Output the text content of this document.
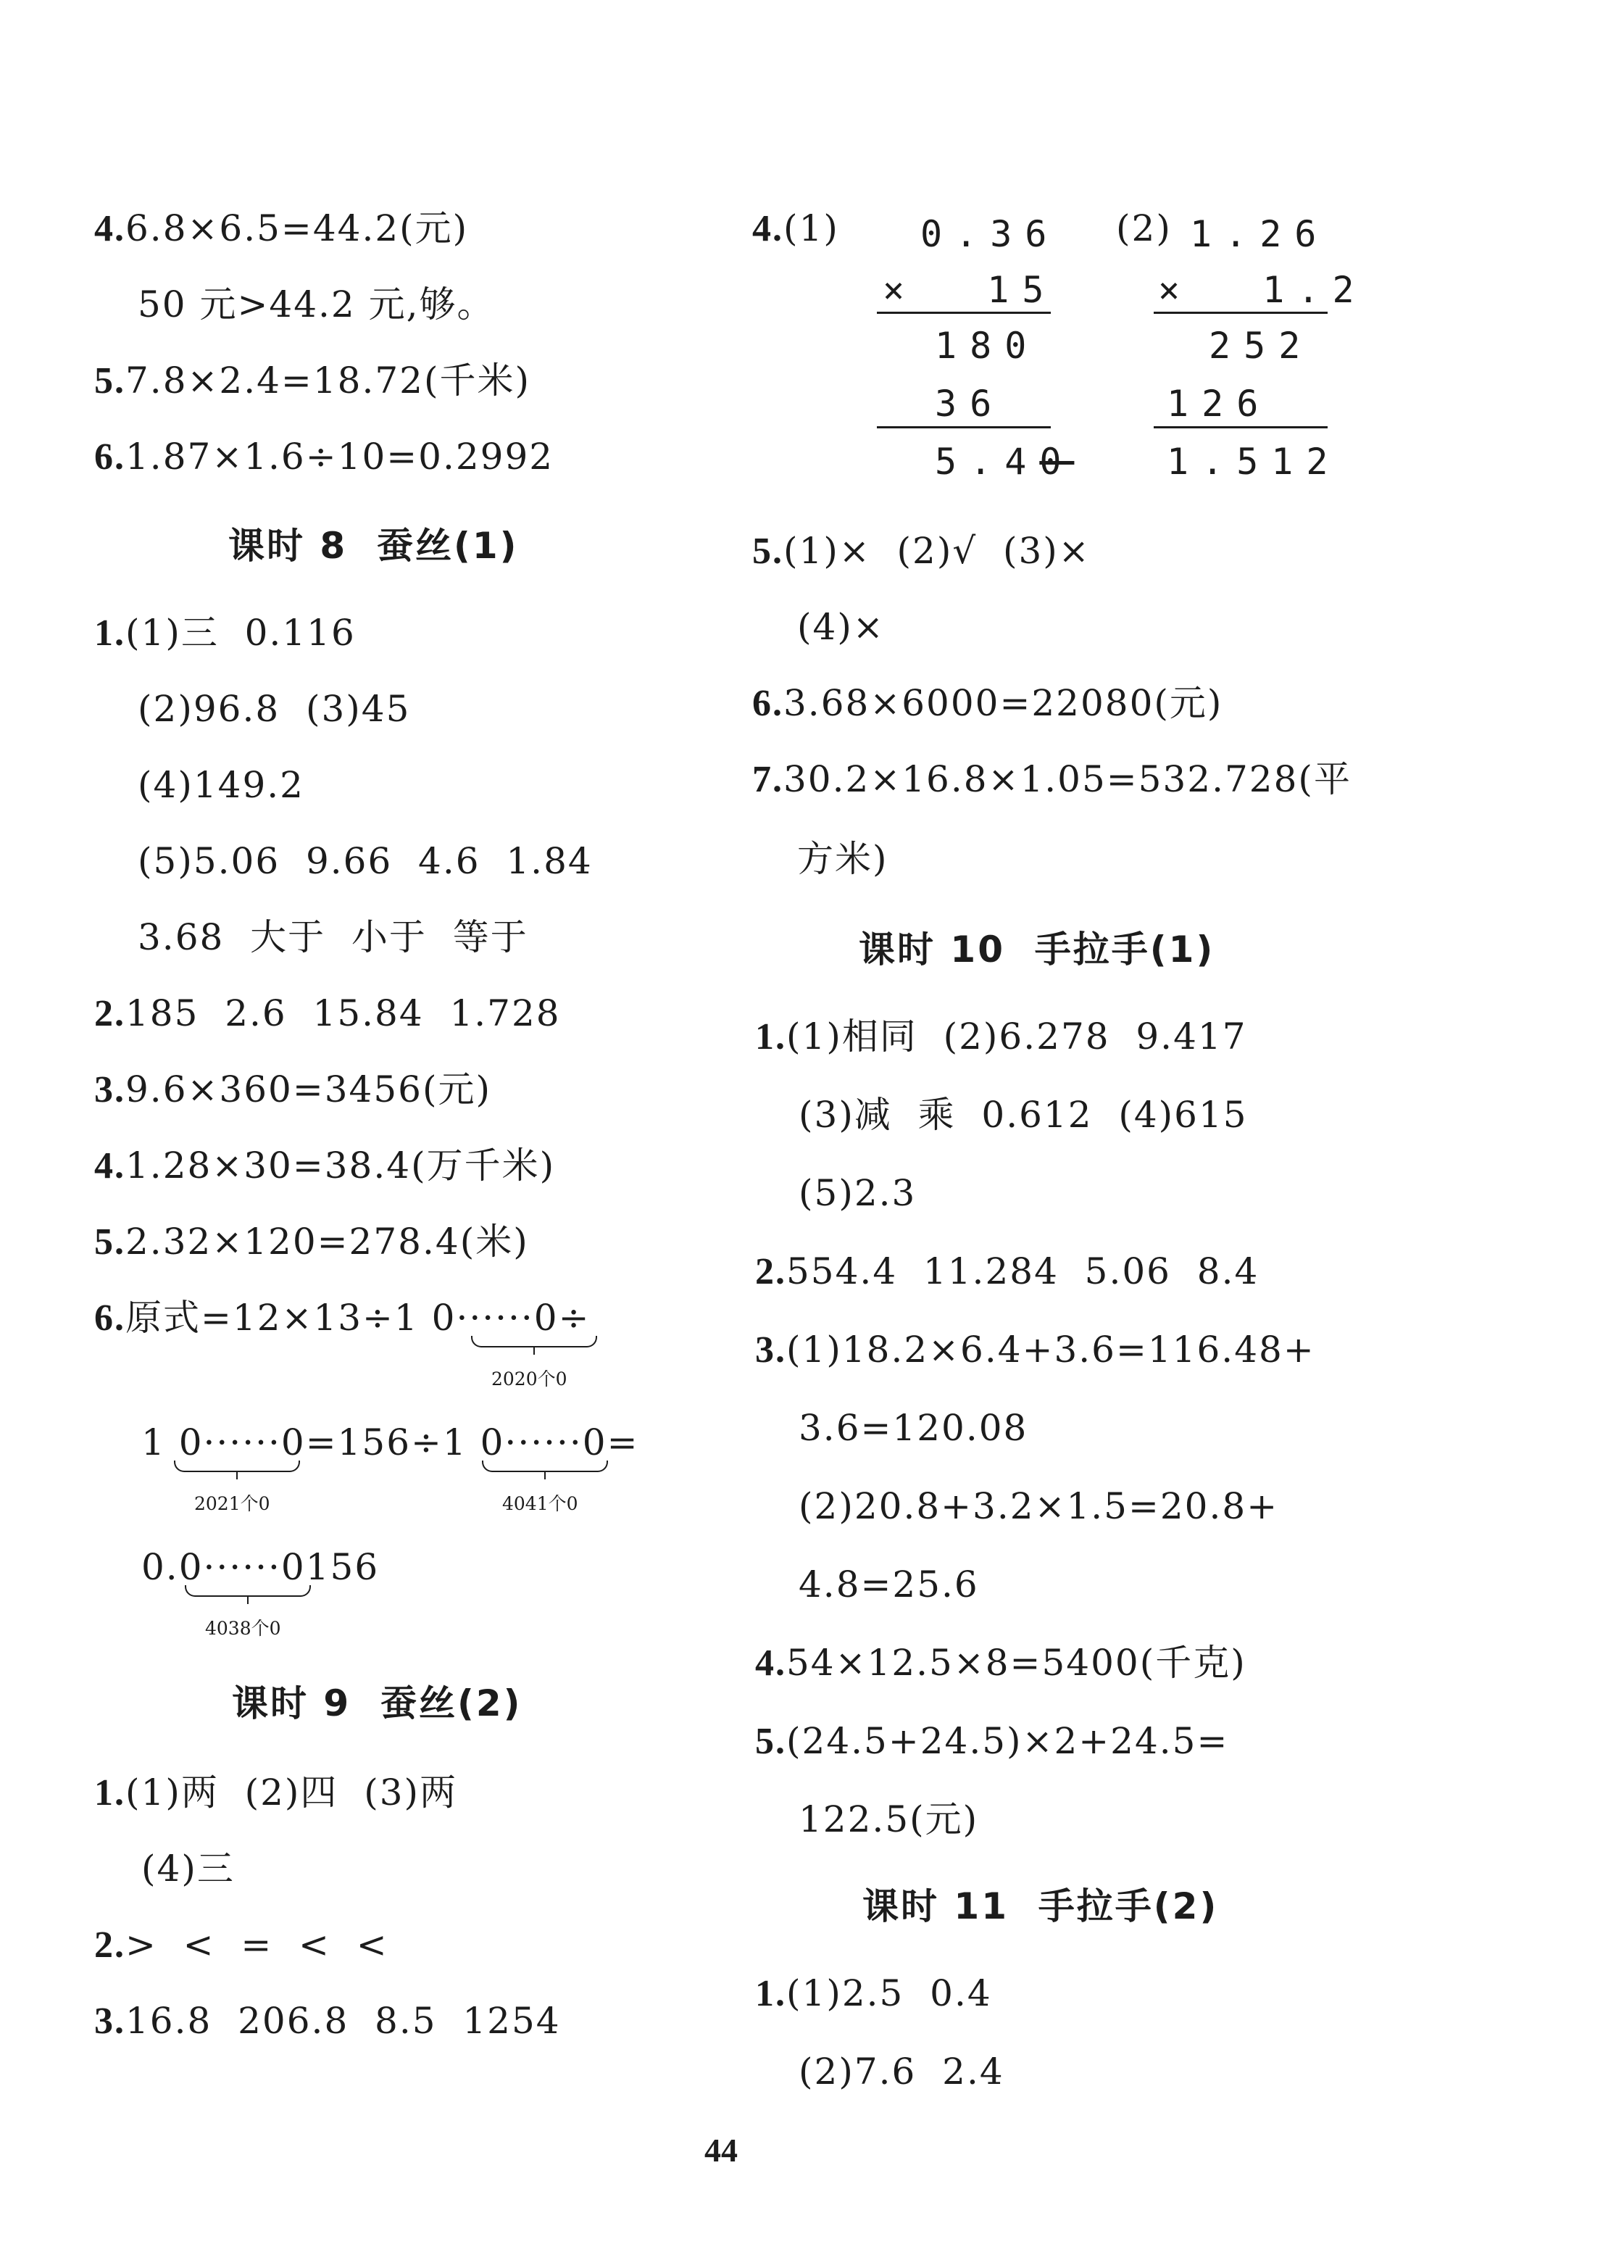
4.6.8×6.5=44.2(元)
50 元>44.2 元,够。
5.7.8×2.4=18.72(千米)
6.1.87×1.6÷10=0.2992
课时 8  蚕丝(1)
1.(1)三  0.116
(2)96.8  (3)45
(4)149.2
(5)5.06  9.66  4.6  1.84
3.68  大于  小于  等于
2.185  2.6  15.84  1.728
3.9.6×360=3456(元)
4.1.28×30=38.4(万千米)
5.2.32×120=278.4(米)
6.原式=12×13÷1 0······0÷
2020个0
1 0······0=156÷1 0······0=
2021个0	4041个0
0.0······0156
4038个0
课时 9  蚕丝(2)
1.(1)两  (2)四  (3)两
(4)三
2.>  <  =  <  <
3.16.8  206.8  8.5  1254
4.(1)	(2)
0.36
×  15
180
36
5.40
1.26
×  1.2
252
126
1.512
5.(1)×  (2)√  (3)×
(4)×
6.3.68×6000=22080(元)
7.30.2×16.8×1.05=532.728(平
方米)
课时 10  手拉手(1)
1.(1)相同  (2)6.278  9.417
(3)减  乘  0.612  (4)615
(5)2.3
2.554.4  11.284  5.06  8.4
3.(1)18.2×6.4+3.6=116.48+
3.6=120.08
(2)20.8+3.2×1.5=20.8+
4.8=25.6
4.54×12.5×8=5400(千克)
5.(24.5+24.5)×2+24.5=
122.5(元)
课时 11  手拉手(2)
1.(1)2.5  0.4
(2)7.6  2.4
44
